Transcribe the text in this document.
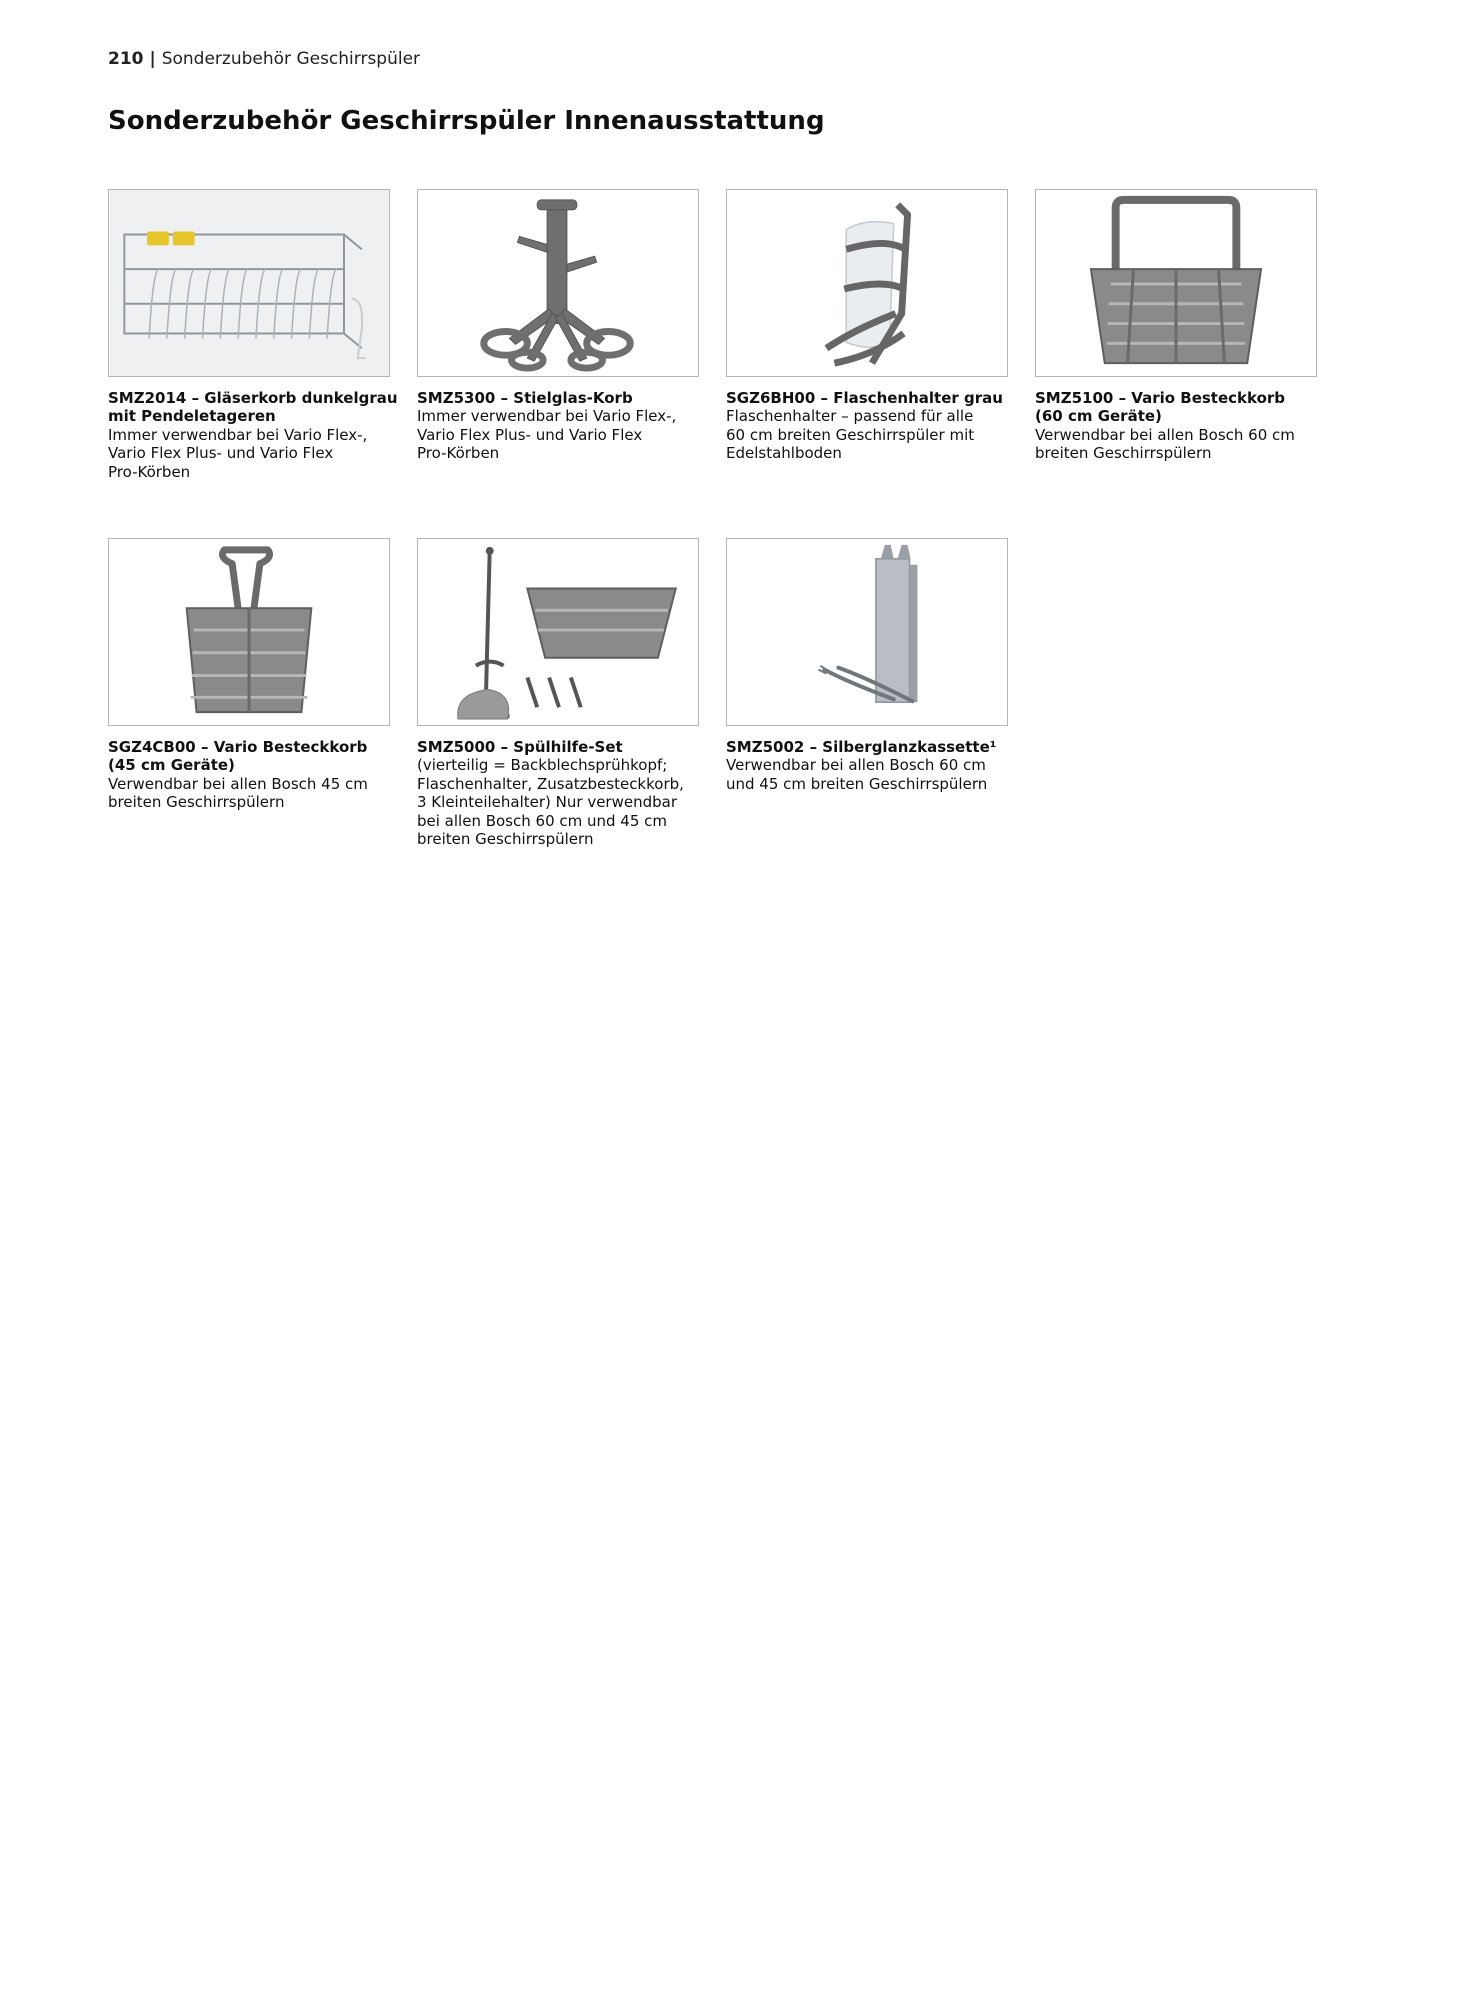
210 | Sonderzubehör Geschirrspüler
Sonderzubehör Geschirrspüler Innenausstattung
SMZ2014 – Gläserkorb dunkelgrau
mit Pendeletageren
Immer verwendbar bei Vario Flex-,
Vario Flex Plus- und Vario Flex
Pro-Körben
SMZ5300 – Stielglas-Korb
Immer verwendbar bei Vario Flex-,
Vario Flex Plus- und Vario Flex
Pro-Körben
SGZ6BH00 – Flaschenhalter grau
Flaschenhalter – passend für alle
60 cm breiten Geschirrspüler mit
Edelstahlboden
SMZ5100 – Vario Besteckkorb
(60 cm Geräte)
Verwendbar bei allen Bosch 60 cm
breiten Geschirrspülern
SGZ4CB00 – Vario Besteckkorb
(45 cm Geräte)
Verwendbar bei allen Bosch 45 cm
breiten Geschirrspülern
SMZ5000 – Spülhilfe-Set
(vierteilig = Backblechsprühkopf;
Flaschenhalter, Zusatzbesteckkorb,
3 Kleinteilehalter) Nur verwendbar
bei allen Bosch 60 cm und 45 cm
breiten Geschirrspülern
SMZ5002 – Silberglanzkassette¹
Verwendbar bei allen Bosch 60 cm
und 45 cm breiten Geschirrspülern
